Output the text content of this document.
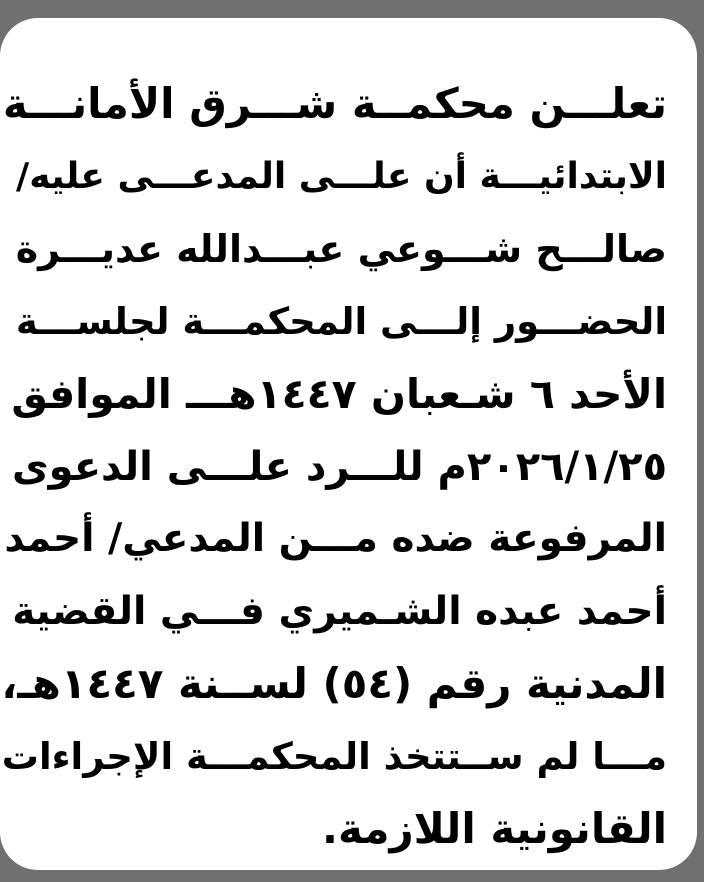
تعلـــن محكمــة شـــرق الأمانـــة
الابتدائيـــة أن علـــى المدعـــى عليه/
صالـــح شـــوعي عبـــدالله عديـــرة
الحضـــور إلـــى المحكمـــة لجلســـة
الأحد ٦ شـعبان ١٤٤٧هـــ الموافق
٢٠٢٦/١/٢٥م للـــرد علـــى الدعوى
المرفوعة ضده مـــن المدعي/ أحمد
أحمد عبده الشـميري فـــي القضية
المدنية رقم (٥٤) لســنة ١٤٤٧هـ،
مـــا لم ســتتخذ المحكمـــة الإجراءات
القانونية اللازمة.
